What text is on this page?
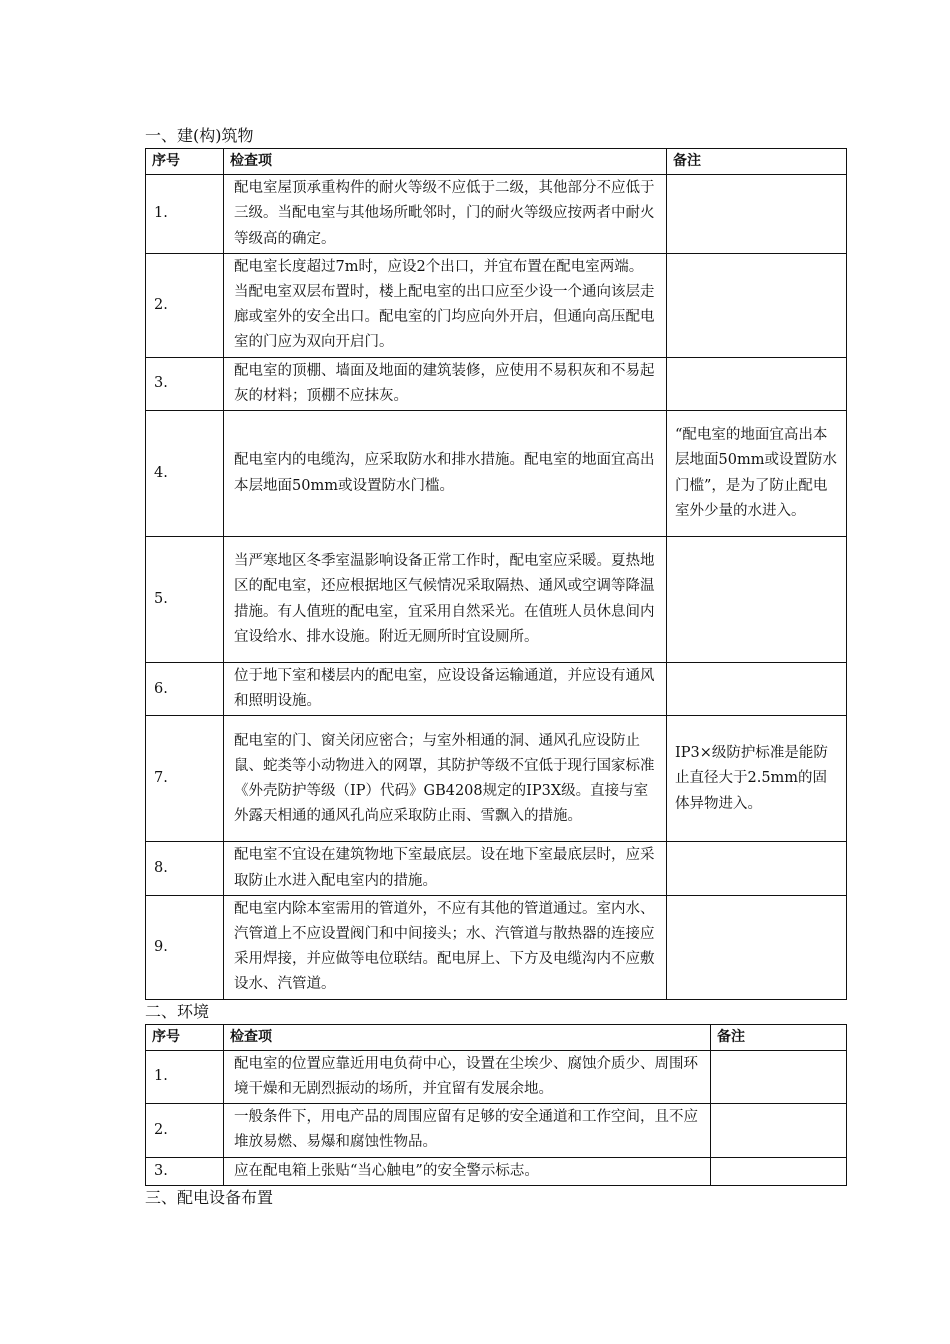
一、建(构)筑物
序号	检查项	备注
1.	配电室屋顶承重构件的耐火等级不应低于二级，其他部分不应低于三级。当配电室与其他场所毗邻时，门的耐火等级应按两者中耐火等级高的确定。	
2.	配电室长度超过7m时，应设2个出口，并宜布置在配电室两端。当配电室双层布置时，楼上配电室的出口应至少设一个通向该层走廊或室外的安全出口。配电室的门均应向外开启，但通向高压配电室的门应为双向开启门。	
3.	配电室的顶棚、墙面及地面的建筑装修，应使用不易积灰和不易起灰的材料；顶棚不应抹灰。	
4.	配电室内的电缆沟，应采取防水和排水措施。配电室的地面宜高出本层地面50mm或设置防水门槛。	“配电室的地面宜高出本层地面50mm或设置防水门槛”，是为了防止配电室外少量的水进入。
5.	当严寒地区冬季室温影响设备正常工作时，配电室应采暖。夏热地区的配电室，还应根据地区气候情况采取隔热、通风或空调等降温措施。有人值班的配电室，宜采用自然采光。在值班人员休息间内宜设给水、排水设施。附近无厕所时宜设厕所。	
6.	位于地下室和楼层内的配电室，应设设备运输通道，并应设有通风和照明设施。	
7.	配电室的门、窗关闭应密合；与室外相通的洞、通风孔应设防止鼠、蛇类等小动物进入的网罩，其防护等级不宜低于现行国家标准《外壳防护等级（IP）代码》GB4208规定的IP3X级。直接与室外露天相通的通风孔尚应采取防止雨、雪飘入的措施。	IP3×级防护标准是能防止直径大于2.5mm的固体异物进入。
8.	配电室不宜设在建筑物地下室最底层。设在地下室最底层时，应采取防止水进入配电室内的措施。	
9.	配电室内除本室需用的管道外，不应有其他的管道通过。室内水、汽管道上不应设置阀门和中间接头；水、汽管道与散热器的连接应采用焊接，并应做等电位联结。配电屏上、下方及电缆沟内不应敷设水、汽管道。	
二、环境
序号	检查项	备注
1.	配电室的位置应靠近用电负荷中心，设置在尘埃少、腐蚀介质少、周围环境干燥和无剧烈振动的场所，并宜留有发展余地。	
2.	一般条件下，用电产品的周围应留有足够的安全通道和工作空间，且不应堆放易燃、易爆和腐蚀性物品。	
3.	应在配电箱上张贴“当心触电”的安全警示标志。	
三、配电设备布置
